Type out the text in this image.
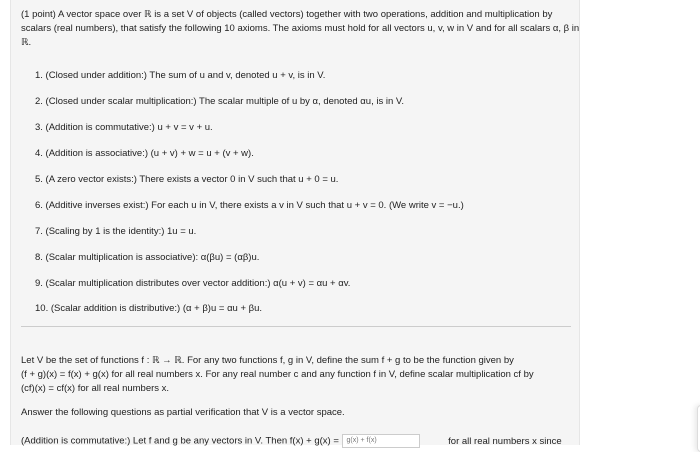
(1 point) A vector space over ℝ is a set V of objects (called vectors) together with two operations, addition and multiplication by
scalars (real numbers), that satisfy the following 10 axioms. The axioms must hold for all vectors u, v, w in V and for all scalars α, β in
ℝ.
1. (Closed under addition:) The sum of u and v, denoted u + v, is in V.
2. (Closed under scalar multiplication:) The scalar multiple of u by α, denoted αu, is in V.
3. (Addition is commutative:) u + v = v + u.
4. (Addition is associative:) (u + v) + w = u + (v + w).
5. (A zero vector exists:) There exists a vector 0 in V such that u + 0 = u.
6. (Additive inverses exist:) For each u in V, there exists a v in V such that u + v = 0. (We write v = −u.)
7. (Scaling by 1 is the identity:) 1u = u.
8. (Scalar multiplication is associative): α(βu) = (αβ)u.
9. (Scalar multiplication distributes over vector addition:) α(u + v) = αu + αv.
10. (Scalar addition is distributive:) (α + β)u = αu + βu.
Let V be the set of functions f : ℝ → ℝ. For any two functions f, g in V, define the sum f + g to be the function given by
(f + g)(x) = f(x) + g(x) for all real numbers x. For any real number c and any function f in V, define scalar multiplication cf by
(cf)(x) = cf(x) for all real numbers x.
Answer the following questions as partial verification that V is a vector space.
(Addition is commutative:) Let f and g be any vectors in V. Then f(x) + g(x) = g(x) + f(x)	for all real numbers x since
